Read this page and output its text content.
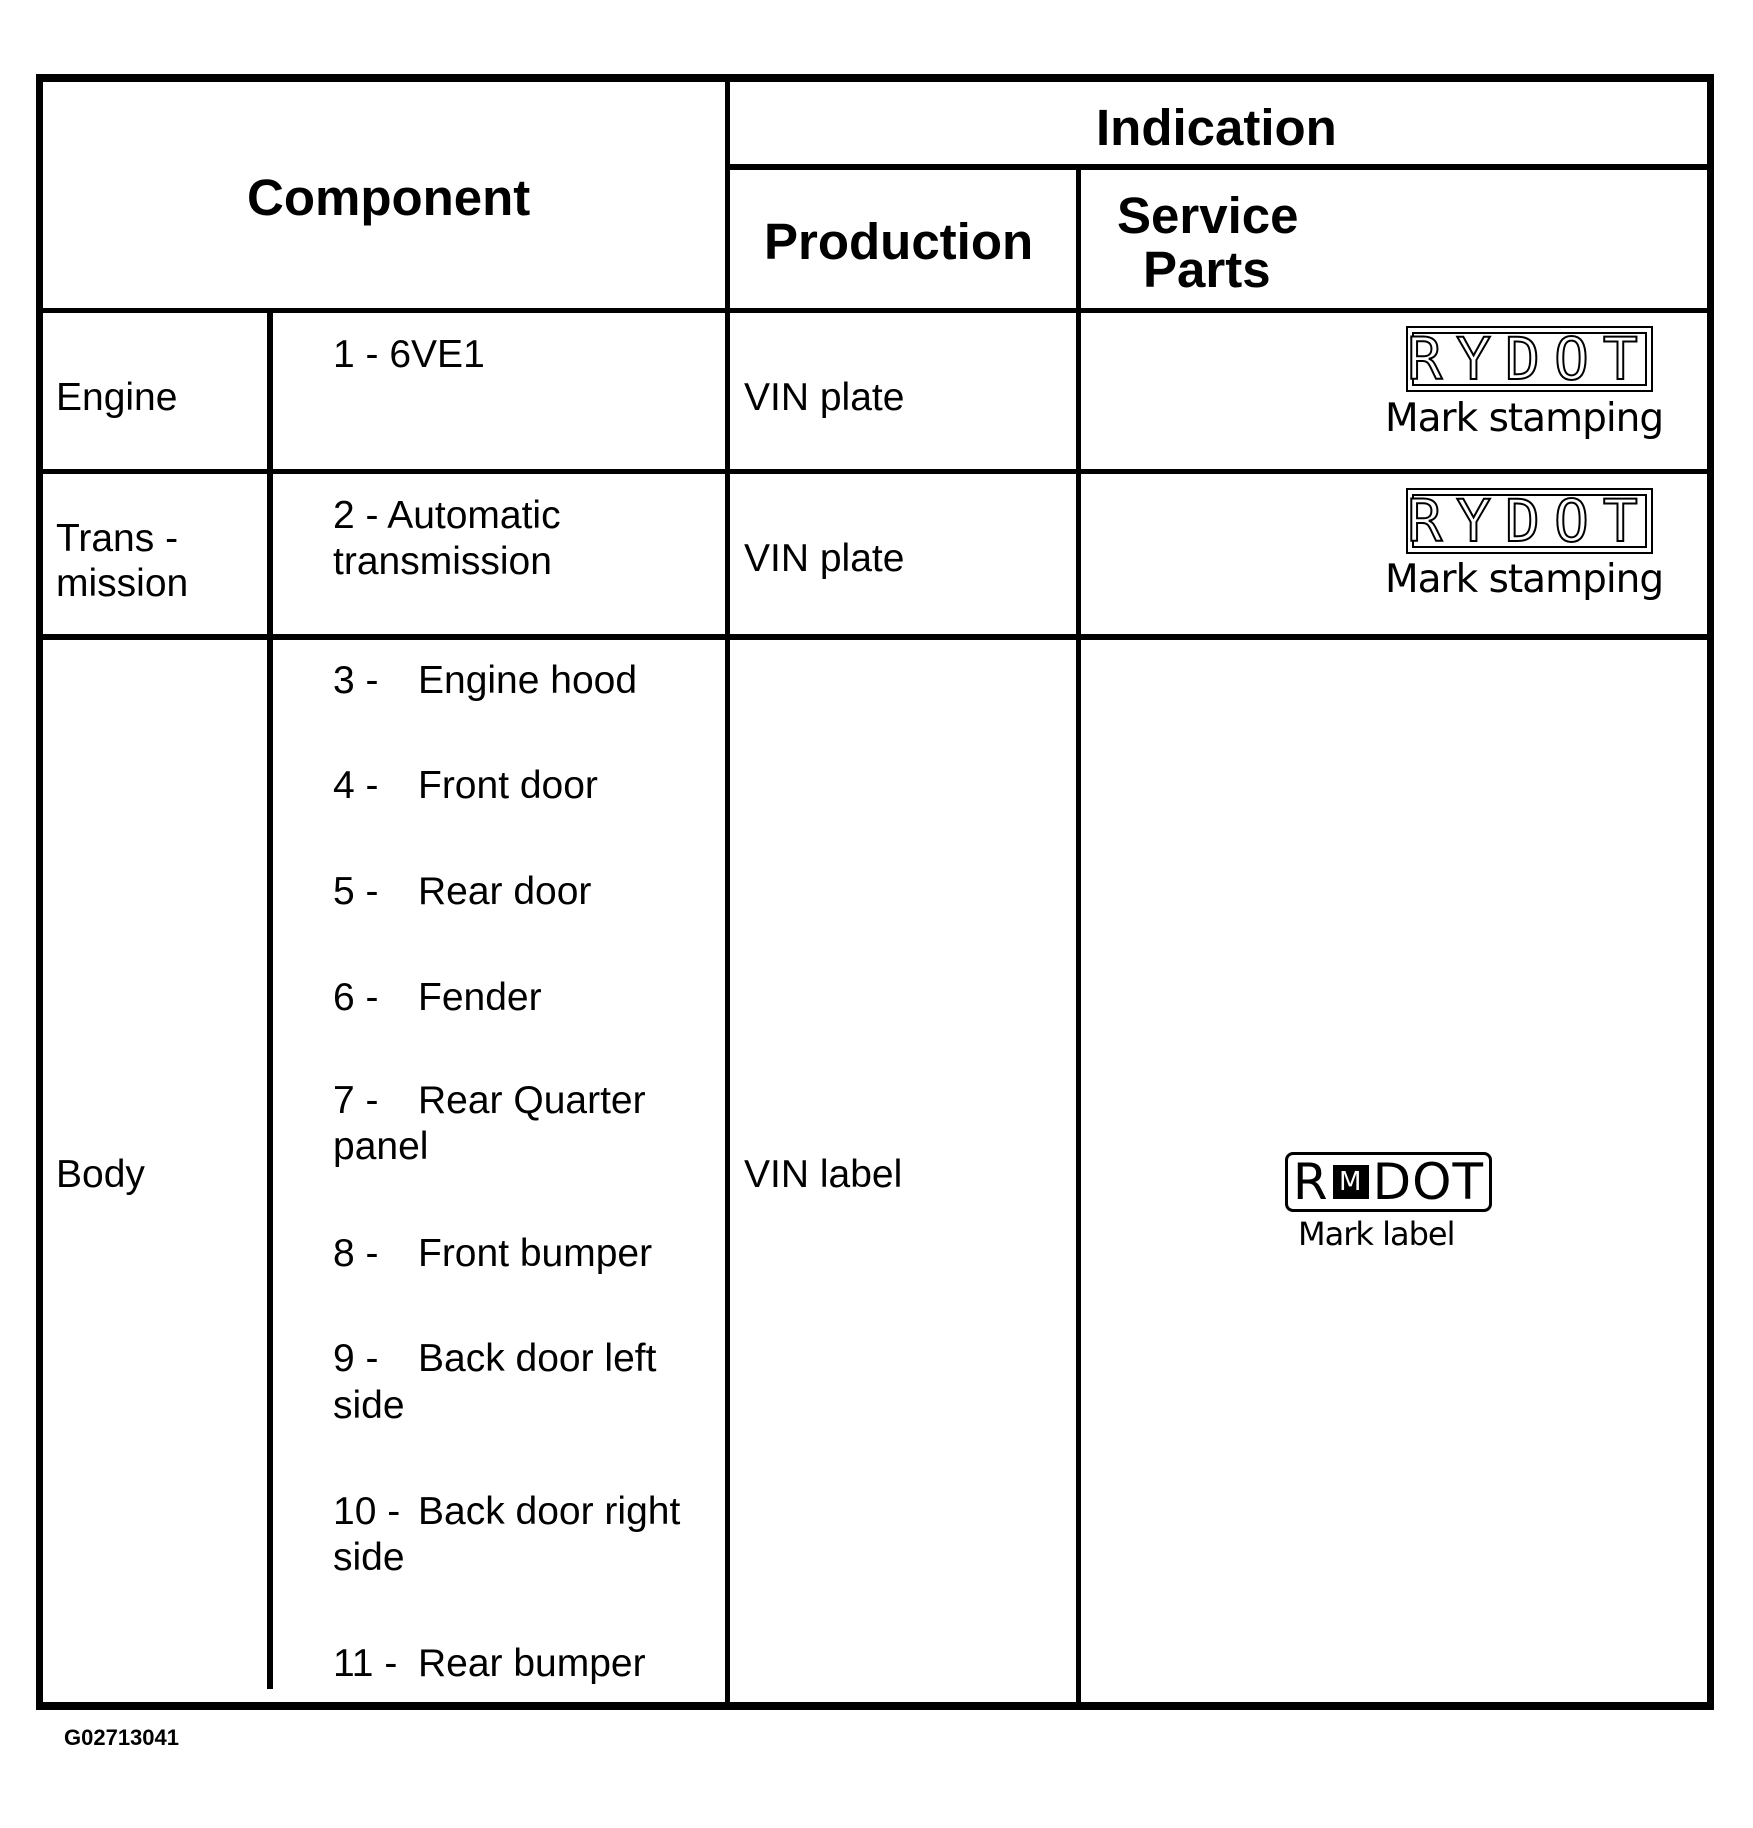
Component
Indication
Production Service
Parts
Engine
1 - 6VE1
VIN plate
RYDOT
Mark stamping
Trans -
mission
2 - Automatic
transmission	VIN plate
RYDOT
Mark stamping
Body	VIN label
3 - Engine hood
4 - Front door
5 - Rear door
6 - Fender
7 - Rear Quarter
panel
8 - Front bumper
9 - Back door left
side
10 - Back door right
side
11 - Rear bumper
R M DOT
Mark label
G02713041
